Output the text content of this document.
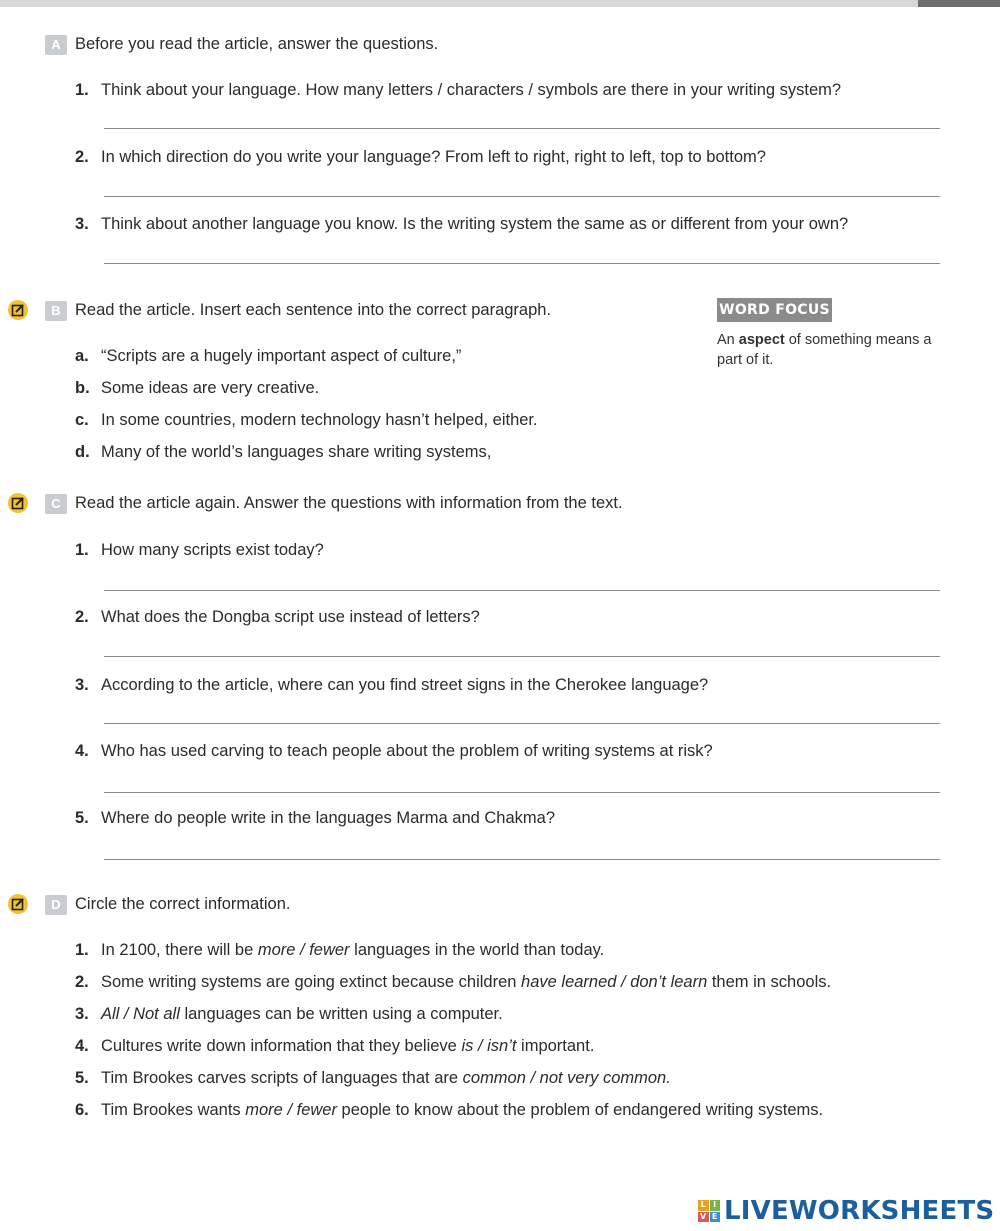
A Before you read the article, answer the questions.
1. Think about your language. How many letters / characters / symbols are there in your writing system?
2. In which direction do you write your language? From left to right, right to left, top to bottom?
3. Think about another language you know. Is the writing system the same as or different from your own?
B Read the article. Insert each sentence into the correct paragraph.	WORD FOCUS
An aspect of something means a part of it.
a. “Scripts are a hugely important aspect of culture,”
b. Some ideas are very creative.
c. In some countries, modern technology hasn’t helped, either.
d. Many of the world’s languages share writing systems,
C Read the article again. Answer the questions with information from the text.
1. How many scripts exist today?
2. What does the Dongba script use instead of letters?
3. According to the article, where can you find street signs in the Cherokee language?
4. Who has used carving to teach people about the problem of writing systems at risk?
5. Where do people write in the languages Marma and Chakma?
D Circle the correct information.
1. In 2100, there will be more / fewer languages in the world than today.
2. Some writing systems are going extinct because children have learned / don’t learn them in schools.
3. All / Not all languages can be written using a computer.
4. Cultures write down information that they believe is / isn’t important.
5. Tim Brookes carves scripts of languages that are common / not very common.
6. Tim Brookes wants more / fewer people to know about the problem of endangered writing systems.
L I
V E LIVEWORKSHEETS
